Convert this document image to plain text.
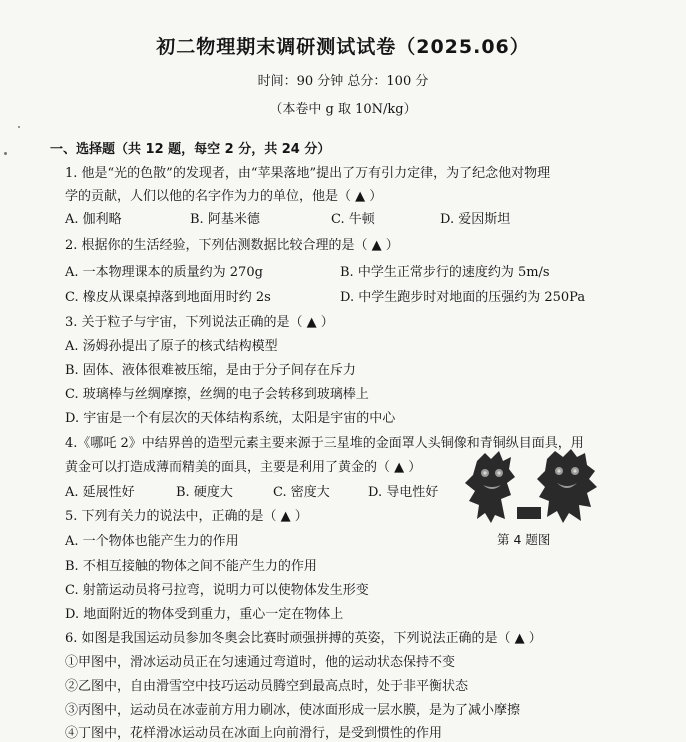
初二物理期末调研测试试卷（2025.06）
时间：90 分钟 总分：100 分
（本卷中 g 取 10N/kg）
一、选择题（共 12 题，每空 2 分，共 24 分）
1. 他是“光的色散”的发现者，由“苹果落地”提出了万有引力定律，为了纪念他对物理
学的贡献，人们以他的名字作为力的单位，他是（ ▲ ）
A. 伽利略	B. 阿基米德	C. 牛顿	D. 爱因斯坦
2. 根据你的生活经验，下列估测数据比较合理的是（ ▲ ）
A. 一本物理课本的质量约为 270g	B. 中学生正常步行的速度约为 5m/s
C. 橡皮从课桌掉落到地面用时约 2s	D. 中学生跑步时对地面的压强约为 250Pa
3. 关于粒子与宇宙，下列说法正确的是（ ▲ ）
A. 汤姆孙提出了原子的核式结构模型
B. 固体、液体很难被压缩，是由于分子间存在斥力
C. 玻璃棒与丝绸摩擦，丝绸的电子会转移到玻璃棒上
D. 宇宙是一个有层次的天体结构系统，太阳是宇宙的中心
4.《哪吒 2》中结界兽的造型元素主要来源于三星堆的金面罩人头铜像和青铜纵目面具，用
黄金可以打造成薄而精美的面具，主要是利用了黄金的（ ▲ ）
A. 延展性好	B. 硬度大	C. 密度大	D. 导电性好
第 4 题图
5. 下列有关力的说法中，正确的是（ ▲ ）
A. 一个物体也能产生力的作用
B. 不相互接触的物体之间不能产生力的作用
C. 射箭运动员将弓拉弯，说明力可以使物体发生形变
D. 地面附近的物体受到重力，重心一定在物体上
6. 如图是我国运动员参加冬奥会比赛时顽强拼搏的英姿，下列说法正确的是（ ▲ ）
①甲图中，滑冰运动员正在匀速通过弯道时，他的运动状态保持不变
②乙图中，自由滑雪空中技巧运动员腾空到最高点时，处于非平衡状态
③丙图中，运动员在冰壶前方用力刷冰，使冰面形成一层水膜，是为了减小摩擦
④丁图中，花样滑冰运动员在冰面上向前滑行，是受到惯性的作用
